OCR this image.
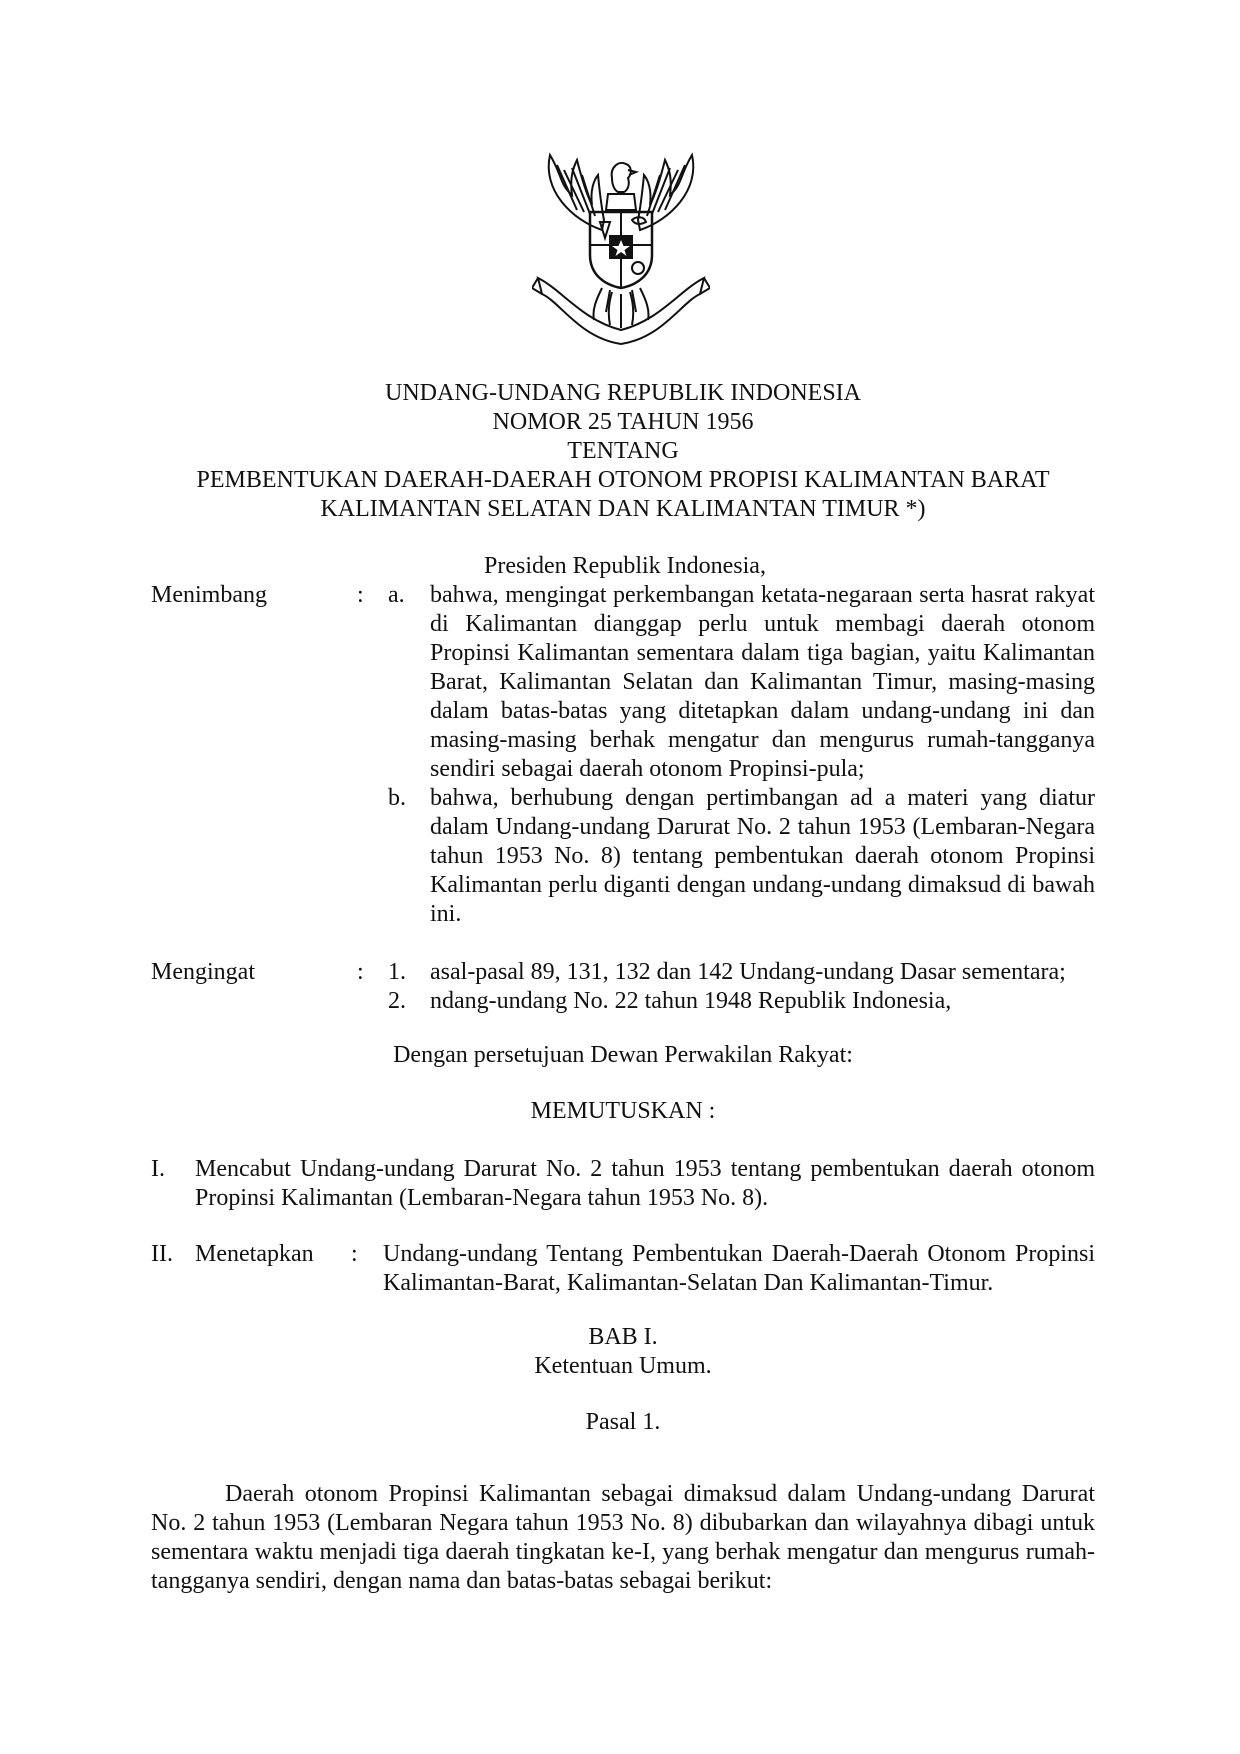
UNDANG-UNDANG REPUBLIK INDONESIA
NOMOR 25 TAHUN 1956
TENTANG
PEMBENTUKAN DAERAH-DAERAH OTONOM PROPISI KALIMANTAN BARAT
KALIMANTAN SELATAN DAN KALIMANTAN TIMUR *)
Presiden Republik Indonesia,
Menimbang	: a. bahwa, mengingat perkembangan ketata-negaraan serta hasrat rakyat di Kalimantan dianggap perlu untuk membagi daerah otonom Propinsi Kalimantan sementara dalam tiga bagian, yaitu Kalimantan Barat, Kalimantan Selatan dan Kalimantan Timur, masing-masing dalam batas-batas yang ditetapkan dalam undang-undang ini dan masing-masing berhak mengatur dan mengurus rumah-tangganya sendiri sebagai daerah otonom Propinsi-pula;
b. bahwa, berhubung dengan pertimbangan ad a materi yang diatur dalam Undang-undang Darurat No. 2 tahun 1953 (Lembaran-Negara tahun 1953 No. 8) tentang pembentukan daerah otonom Propinsi Kalimantan perlu diganti dengan undang-undang dimaksud di bawah ini.
Mengingat	: 1. asal-pasal 89, 131, 132 dan 142 Undang-undang Dasar sementara;
2. ndang-undang No. 22 tahun 1948 Republik Indonesia,
Dengan persetujuan Dewan Perwakilan Rakyat:
MEMUTUSKAN :
I. Mencabut Undang-undang Darurat No. 2 tahun 1953 tentang pembentukan daerah otonom Propinsi Kalimantan (Lembaran-Negara tahun 1953 No. 8).
II. Menetapkan : Undang-undang Tentang Pembentukan Daerah-Daerah Otonom Propinsi Kalimantan-Barat, Kalimantan-Selatan Dan Kalimantan-Timur.
BAB I.
Ketentuan Umum.
Pasal 1.
Daerah otonom Propinsi Kalimantan sebagai dimaksud dalam Undang-undang Darurat No. 2 tahun 1953 (Lembaran Negara tahun 1953 No. 8) dibubarkan dan wilayahnya dibagi untuk sementara waktu menjadi tiga daerah tingkatan ke-I, yang berhak mengatur dan mengurus rumah-tangganya sendiri, dengan nama dan batas-batas sebagai berikut:
